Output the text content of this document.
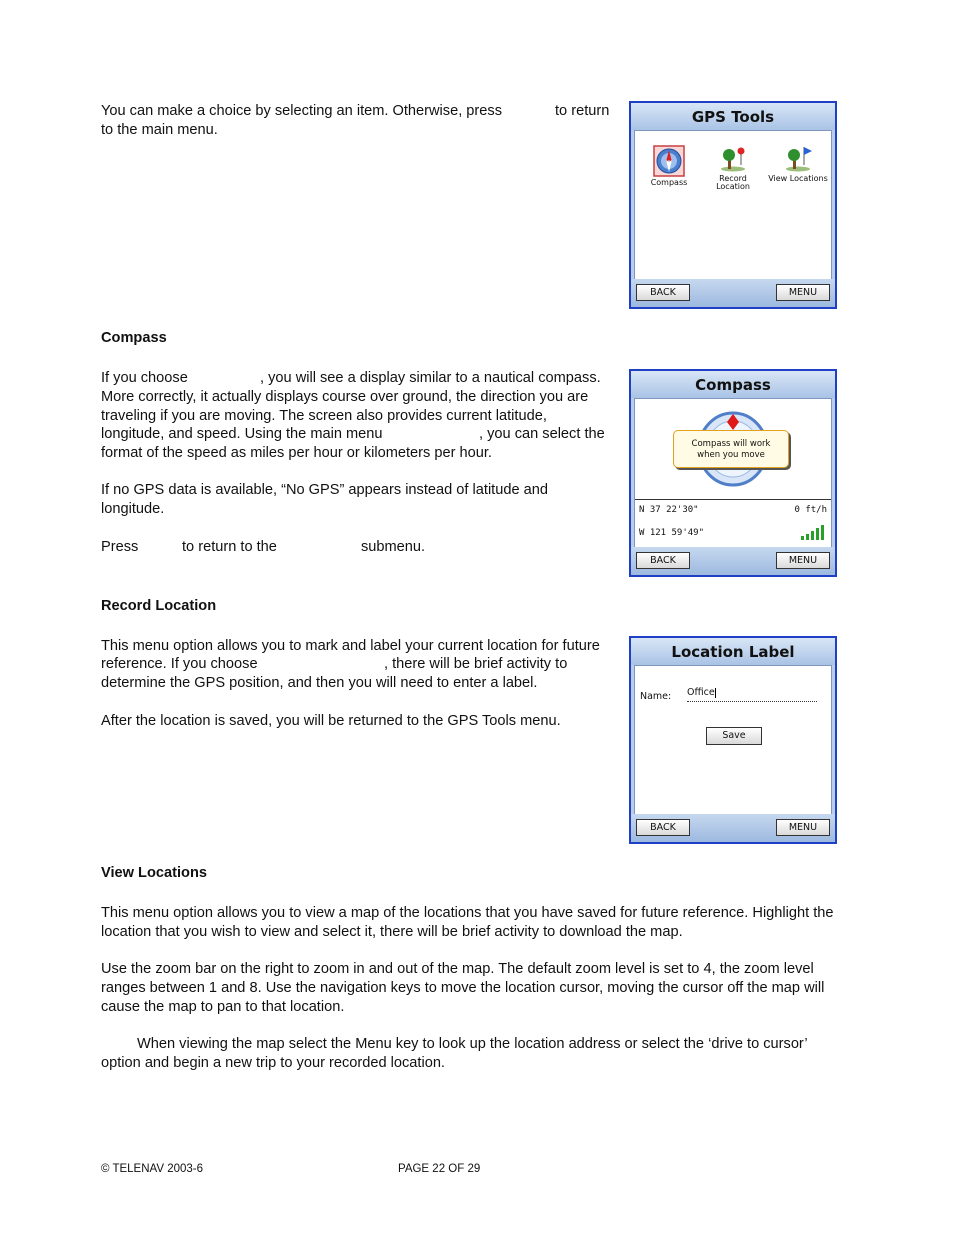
You can make a choice by selecting an item. Otherwise, press	to return
to the main menu.
GPS Tools
Compass	Record Location
View Locations
BACK	MENU
Compass
If you choose	, you will see a display similar to a nautical compass.
More correctly, it actually displays course over ground, the direction you are
traveling if you are moving. The screen also provides current latitude,
longitude, and speed. Using the main menu	, you can select the
format of the speed as miles per hour or kilometers per hour.
If no GPS data is available, “No GPS” appears instead of latitude and
longitude.
Press	to return to the	submenu.
Compass
Compass will work
when you move
N 37 22'30"	0 ft/h
W 121 59'49"
BACK	MENU
Record Location
This menu option allows you to mark and label your current location for future
reference. If you choose	, there will be brief activity to
determine the GPS position, and then you will need to enter a label.
After the location is saved, you will be returned to the GPS Tools menu.
Location Label
Name: Office
Save
BACK	MENU
View Locations
This menu option allows you to view a map of the locations that you have saved for future reference. Highlight the
location that you wish to view and select it, there will be brief activity to download the map.
Use the zoom bar on the right to zoom in and out of the map. The default zoom level is set to 4, the zoom level
ranges between 1 and 8. Use the navigation keys to move the location cursor, moving the cursor off the map will
cause the map to pan to that location.
When viewing the map select the Menu key to look up the location address or select the ‘drive to cursor’
option and begin a new trip to your recorded location.
© TELENAV 2003-6	PAGE 22 OF 29
